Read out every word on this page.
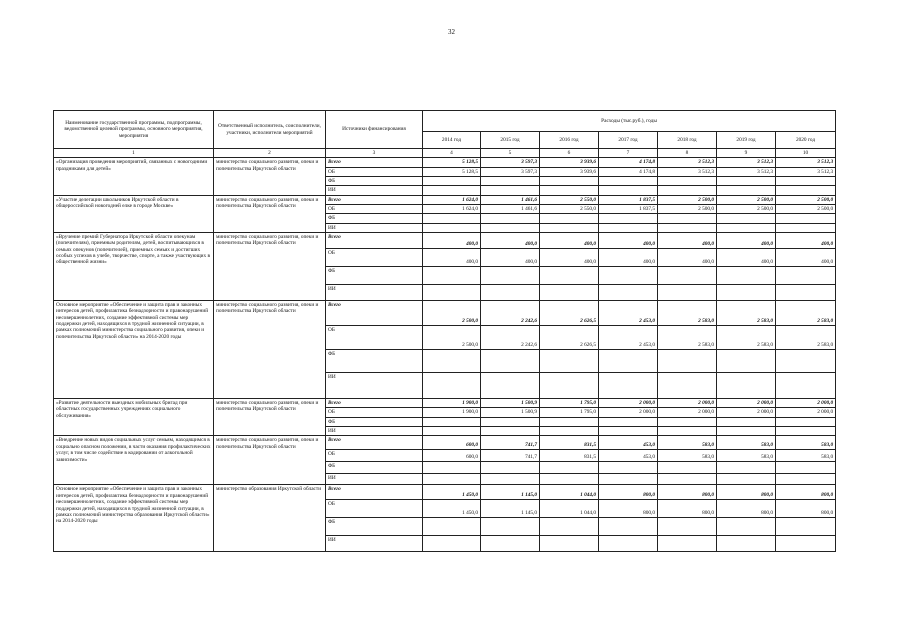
32
Наименование государственной программы, подпрограммы, ведомственной целевой программы, основного мероприятия, мероприятия	Ответственный исполнитель, соисполнители, участники, исполнители мероприятий	Источники финансирования	Расходы (тыс.руб.), годы						
			2014 год	2015 год	2016 год	2017 год	2018 год	2019 год	2020 год
1	2	3	4	5	6	7	8	9	10
«Организация проведения мероприятий, связанных с новогодними праздниками для детей»	министерство социального развития, опеки и попечительства Иркутской области	Всего	5 128,5	3 597,3	3 939,6	4 174,8	3 512,3	3 512,3	3 512,3
		ОБ	5 128,5	3 597,3	3 939,6	4 174,8	3 512,3	3 512,3	3 512,3
		ФБ							
		ИИ							
«Участие делегации школьников Иркутской области в общероссийской новогодней елке в городе Москве»	министерство социального развития, опеки и попечительства Иркутской области	Всего	1 624,0	1 461,6	2 550,0	1 837,5	2 500,0	2 500,0	2 500,0
		ОБ	1 624,0	1 461,6	2 550,0	1 837,5	2 500,0	2 500,0	2 500,0
		ФБ							
		ИИ							
«Вручение премий Губернатора Иркутской области опекунам (попечителям), приемным родителям, детей, воспитывающихся в семьях опекунов (попечителей), приемных семьях и достигших особых успехов в учебе, творчестве, спорте, а также участвующих в общественной жизни»	министерство социального развития, опеки и попечительства Иркутской области	Всего	400,0	400,0	400,0	400,0	400,0	400,0	400,0
		ОБ	400,0	400,0	400,0	400,0	400,0	400,0	400,0
		ФБ							
		ИИ							
Основное мероприятие «Обеспечение и защита прав и законных интересов детей, профилактика безнадзорности и правонарушений несовершеннолетних, создание эффективной системы мер поддержки детей, находящихся в трудной жизненной ситуации, в рамках полномочий министерства социального развития, опеки и попечительства Иркутской области» на 2014-2020 годы	министерство социального развития, опеки и попечительства Иркутской области	Всего	2 500,0	2 242,6	2 626,5	2 453,0	2 583,0	2 583,0	2 583,0
		ОБ	2 500,0	2 242,6	2 626,5	2 453,0	2 583,0	2 583,0	2 583,0
		ФБ							
		ИИ							
«Развитие деятельности выездных мобильных бригад при областных государственных учреждениях социального обслуживания»	министерство социального развития, опеки и попечительства Иркутской области	Всего	1 900,0	1 500,9	1 795,0	2 000,0	2 000,0	2 000,0	2 000,0
		ОБ	1 900,0	1 500,9	1 795,0	2 000,0	2 000,0	2 000,0	2 000,0
		ФБ							
		ИИ							
«Внедрение новых видов социальных услуг семьям, находящимся в социально опасном положении, в части оказания профилактических услуг, в том числе содействие в кодировании от алкогольной зависимости»	министерство социального развития, опеки и попечительства Иркутской области	Всего	600,0	741,7	831,5	453,0	583,0	583,0	583,0
		ОБ	600,0	741,7	831,5	453,0	583,0	583,0	583,0
		ФБ							
		ИИ							
Основное мероприятие «Обеспечение и защита прав и законных интересов детей, профилактика безнадзорности и правонарушений несовершеннолетних, создание эффективной системы мер поддержки детей, находящихся в трудной жизненной ситуации, в рамках полномочий министерства образования Иркутской области» на 2014-2020 годы	министерство образования Иркутской области	Всего	1 450,0	1 145,0	1 044,0	800,0	800,0	800,0	800,0
		ОБ	1 450,0	1 145,0	1 044,0	800,0	800,0	800,0	800,0
		ФБ							
		ИИ							
